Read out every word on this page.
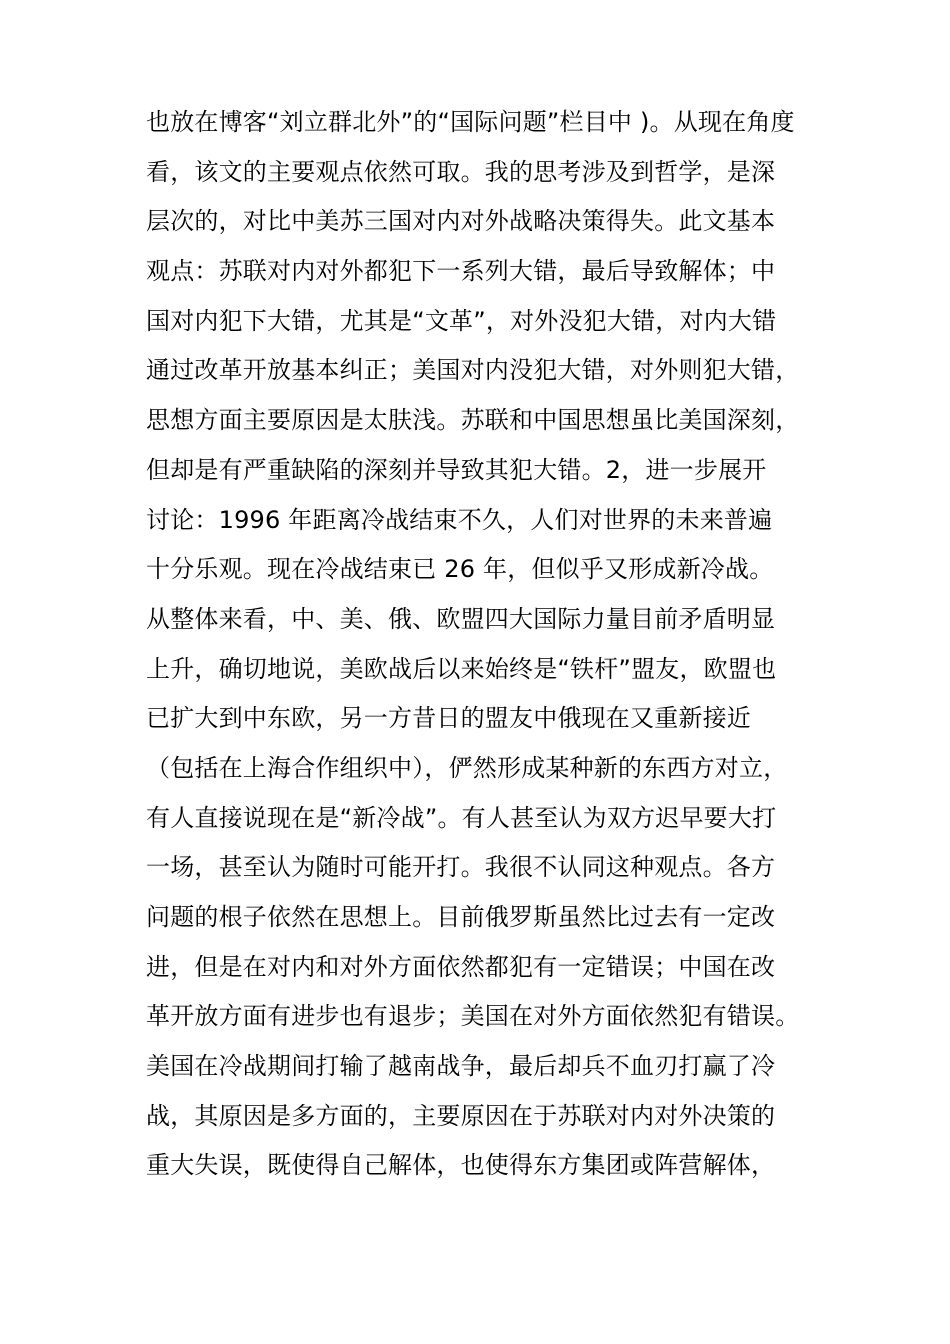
也放在博客“刘立群北外”的“国际问题”栏目中 )。从现在角度
看，该文的主要观点依然可取。我的思考涉及到哲学，是深
层次的，对比中美苏三国对内对外战略决策得失。此文基本
观点：苏联对内对外都犯下一系列大错，最后导致解体；中
国对内犯下大错，尤其是“文革”，对外没犯大错，对内大错
通过改革开放基本纠正；美国对内没犯大错，对外则犯大错，
思想方面主要原因是太肤浅。苏联和中国思想虽比美国深刻，
但却是有严重缺陷的深刻并导致其犯大错。2，进一步展开
讨论：1996 年距离冷战结束不久，人们对世界的未来普遍
十分乐观。现在冷战结束已 26 年，但似乎又形成新冷战。
从整体来看，中、美、俄、欧盟四大国际力量目前矛盾明显
上升，确切地说，美欧战后以来始终是“铁杆”盟友，欧盟也
已扩大到中东欧，另一方昔日的盟友中俄现在又重新接近
（包括在上海合作组织中），俨然形成某种新的东西方对立，
有人直接说现在是“新冷战”。有人甚至认为双方迟早要大打
一场，甚至认为随时可能开打。我很不认同这种观点。各方
问题的根子依然在思想上。目前俄罗斯虽然比过去有一定改
进，但是在对内和对外方面依然都犯有一定错误；中国在改
革开放方面有进步也有退步；美国在对外方面依然犯有错误。
美国在冷战期间打输了越南战争，最后却兵不血刃打赢了冷
战，其原因是多方面的，主要原因在于苏联对内对外决策的
重大失误，既使得自己解体，也使得东方集团或阵营解体，
